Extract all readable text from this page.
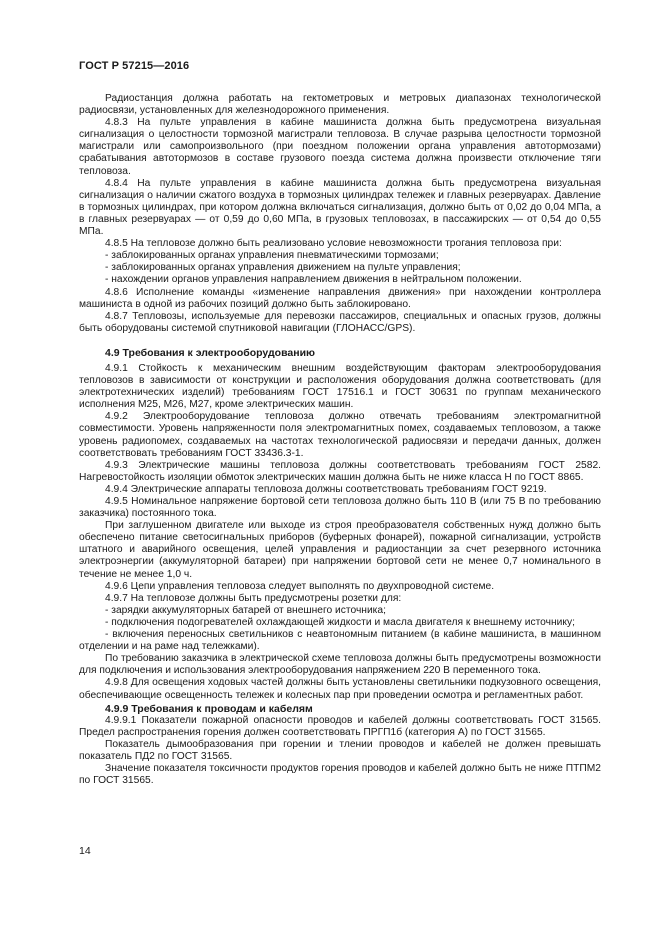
ГОСТ Р 57215—2016

Радиостанция должна работать на гектометровых и метровых диапазонах технологической радиосвязи, установленных для железнодорожного применения.

4.8.3 На пульте управления в кабине машиниста должна быть предусмотрена визуальная сигнализация о целостности тормозной магистрали тепловоза. В случае разрыва целостности тормозной магистрали или самопроизвольного (при поездном положении органа управления автотормозами) срабатывания автотормозов в составе грузового поезда система должна произвести отключение тяги тепловоза.

4.8.4 На пульте управления в кабине машиниста должна быть предусмотрена визуальная сигнализация о наличии сжатого воздуха в тормозных цилиндрах тележек и главных резервуарах. Давление в тормозных цилиндрах, при котором должна включаться сигнализация, должно быть от 0,02 до 0,04 МПа, а в главных резервуарах — от 0,59 до 0,60 МПа, в грузовых тепловозах, в пассажирских — от 0,54 до 0,55 МПа.

4.8.5 На тепловозе должно быть реализовано условие невозможности трогания тепловоза при:

- заблокированных органах управления пневматическими тормозами;

- заблокированных органах управления движением на пульте управления;

- нахождении органов управления направлением движения в нейтральном положении.

4.8.6 Исполнение команды «изменение направления движения» при нахождении контроллера машиниста в одной из рабочих позиций должно быть заблокировано.

4.8.7 Тепловозы, используемые для перевозки пассажиров, специальных и опасных грузов, должны быть оборудованы системой спутниковой навигации (ГЛОНАСС/GPS).

4.9 Требования к электрооборудованию

4.9.1 Стойкость к механическим внешним воздействующим факторам электрооборудования тепловозов в зависимости от конструкции и расположения оборудования должна соответствовать (для электротехнических изделий) требованиям ГОСТ 17516.1 и ГОСТ 30631 по группам механического исполнения М25, М26, М27, кроме электрических машин.

4.9.2 Электрооборудование тепловоза должно отвечать требованиям электромагнитной совместимости. Уровень напряженности поля электромагнитных помех, создаваемых тепловозом, а также уровень радиопомех, создаваемых на частотах технологической радиосвязи и передачи данных, должен соответствовать требованиям ГОСТ 33436.3-1.

4.9.3 Электрические машины тепловоза должны соответствовать требованиям ГОСТ 2582. Нагревостойкость изоляции обмоток электрических машин должна быть не ниже класса Н по ГОСТ 8865.

4.9.4 Электрические аппараты тепловоза должны соответствовать требованиям ГОСТ 9219.

4.9.5 Номинальное напряжение бортовой сети тепловоза должно быть 110 В (или 75 В по требованию заказчика) постоянного тока.

При заглушенном двигателе или выходе из строя преобразователя собственных нужд должно быть обеспечено питание светосигнальных приборов (буферных фонарей), пожарной сигнализации, устройств штатного и аварийного освещения, целей управления и радиостанции за счет резервного источника электроэнергии (аккумуляторной батареи) при напряжении бортовой сети не менее 0,7 номинального в течение не менее 1,0 ч.

4.9.6 Цепи управления тепловоза следует выполнять по двухпроводной системе.

4.9.7 На тепловозе должны быть предусмотрены розетки для:

- зарядки аккумуляторных батарей от внешнего источника;

- подключения подогревателей охлаждающей жидкости и масла двигателя к внешнему источнику;

- включения переносных светильников с неавтономным питанием (в кабине машиниста, в машинном отделении и на раме над тележками).

По требованию заказчика в электрической схеме тепловоза должны быть предусмотрены возможности для подключения и использования электрооборудования напряжением 220 В переменного тока.

4.9.8 Для освещения ходовых частей должны быть установлены светильники подкузовного освещения, обеспечивающие освещенность тележек и колесных пар при проведении осмотра и регламентных работ.

4.9.9 Требования к проводам и кабелям

4.9.9.1 Показатели пожарной опасности проводов и кабелей должны соответствовать ГОСТ 31565. Предел распространения горения должен соответствовать ПРГП1б (категория А) по ГОСТ 31565.

Показатель дымообразования при горении и тлении проводов и кабелей не должен превышать показатель ПД2 по ГОСТ 31565.

Значение показателя токсичности продуктов горения проводов и кабелей должно быть не ниже ПТПМ2 по ГОСТ 31565.

14
